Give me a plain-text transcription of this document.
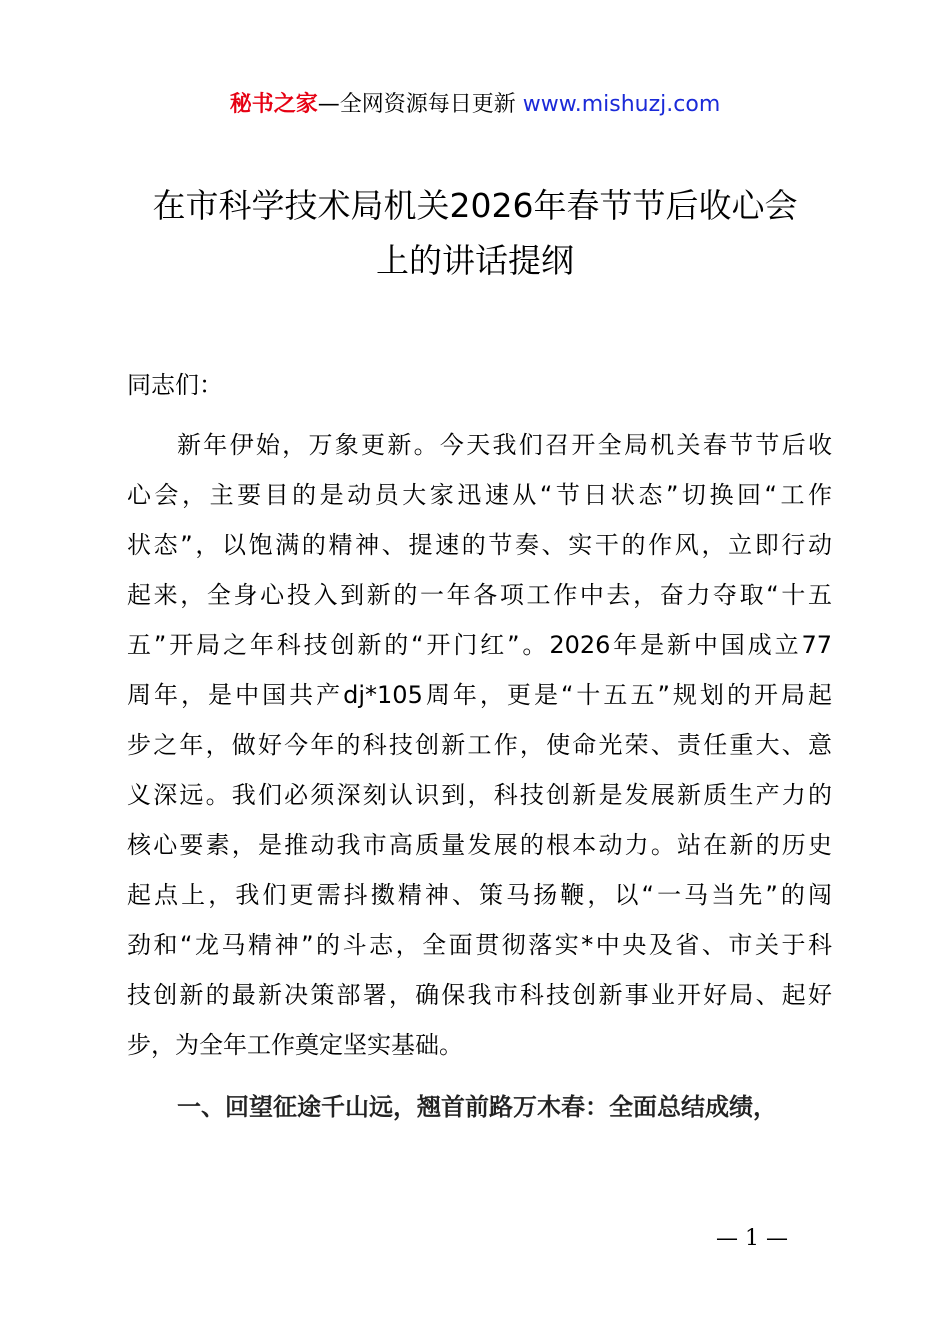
秘书之家—全网资源每日更新 www.mishuzj.com
在市科学技术局机关2026年春节节后收心会
上的讲话提纲
同志们：
新年伊始，万象更新。今天我们召开全局机关春节节后收
心会，主要目的是动员大家迅速从“节日状态”切换回“工作
状态”，以饱满的精神、提速的节奏、实干的作风，立即行动
起来，全身心投入到新的一年各项工作中去，奋力夺取“十五
五”开局之年科技创新的“开门红”。2026年是新中国成立77
周年，是中国共产dj*105周年，更是“十五五”规划的开局起
步之年，做好今年的科技创新工作，使命光荣、责任重大、意
义深远。我们必须深刻认识到，科技创新是发展新质生产力的
核心要素，是推动我市高质量发展的根本动力。站在新的历史
起点上，我们更需抖擞精神、策马扬鞭，以“一马当先”的闯
劲和“龙马精神”的斗志，全面贯彻落实*中央及省、市关于科
技创新的最新决策部署，确保我市科技创新事业开好局、起好
步，为全年工作奠定坚实基础。
一、回望征途千山远，翘首前路万木春：全面总结成绩，
— 1 —
